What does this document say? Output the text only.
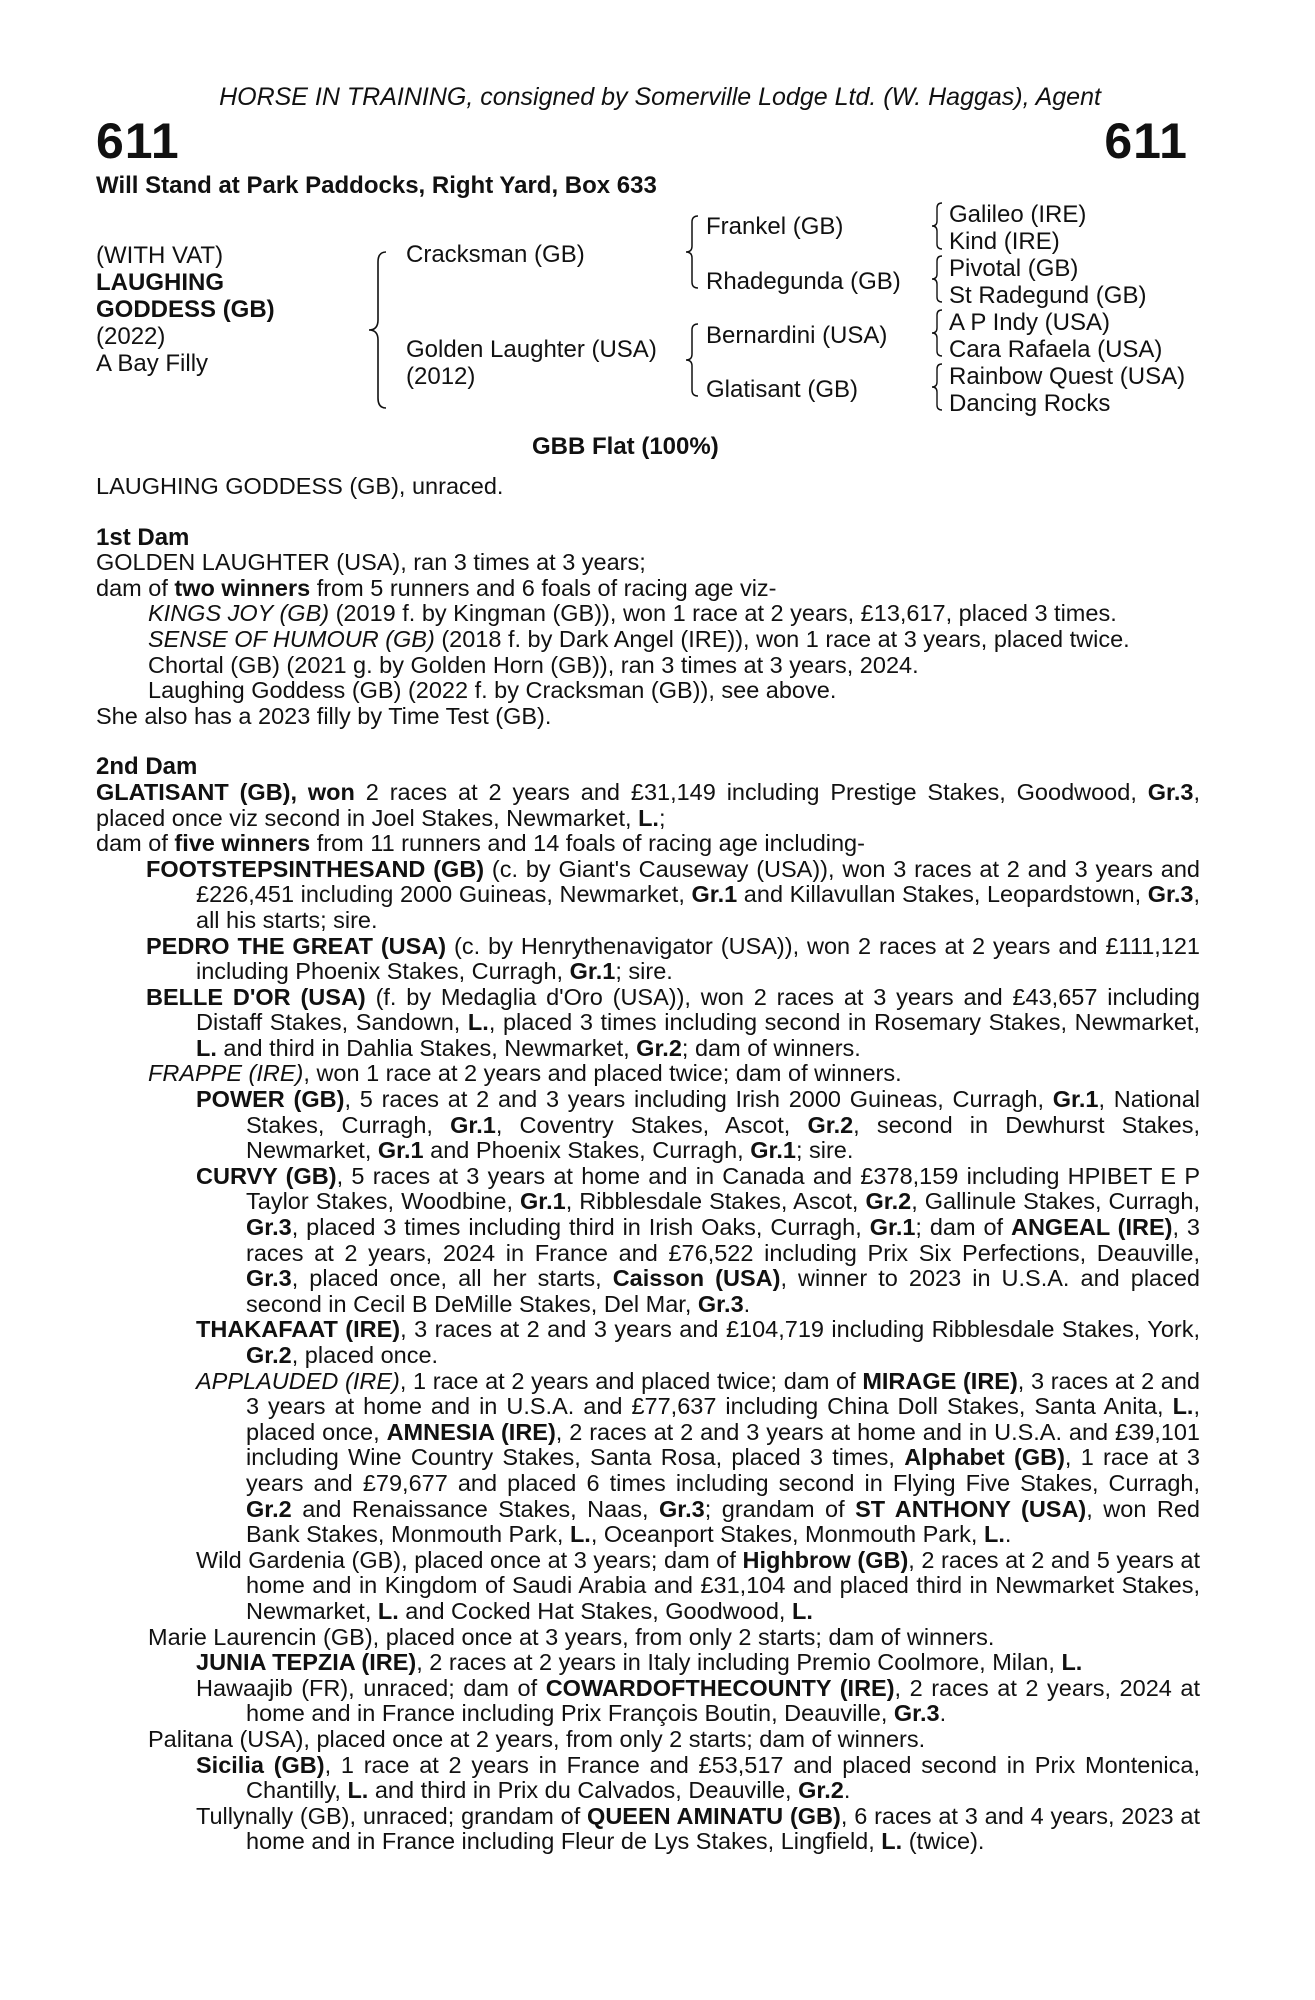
HORSE IN TRAINING, consigned by Somerville Lodge Ltd. (W. Haggas), Agent
611	611
Will Stand at Park Paddocks, Right Yard, Box 633
(WITH VAT)
LAUGHING
GODDESS (GB)
(2022)
A Bay Filly
Cracksman (GB)
Golden Laughter (USA)
(2012)
Frankel (GB)
Rhadegunda (GB)
Bernardini (USA)
Glatisant (GB)
Galileo (IRE)
Kind (IRE)
Pivotal (GB)
St Radegund (GB)
A P Indy (USA)
Cara Rafaela (USA)
Rainbow Quest (USA)
Dancing Rocks
GBB Flat (100%)

LAUGHING GODDESS (GB), unraced.

1st Dam

GOLDEN LAUGHTER (USA), ran 3 times at 3 years;

dam of two winners from 5 runners and 6 foals of racing age viz-

KINGS JOY (GB) (2019 f. by Kingman (GB)), won 1 race at 2 years, £13,617, placed 3 times.

SENSE OF HUMOUR (GB) (2018 f. by Dark Angel (IRE)), won 1 race at 3 years, placed twice.

Chortal (GB) (2021 g. by Golden Horn (GB)), ran 3 times at 3 years, 2024.

Laughing Goddess (GB) (2022 f. by Cracksman (GB)), see above.

She also has a 2023 filly by Time Test (GB).

2nd Dam

GLATISANT (GB), won 2 races at 2 years and £31,149 including Prestige Stakes, Goodwood, Gr.3, placed once viz second in Joel Stakes, Newmarket, L.;

dam of five winners from 11 runners and 14 foals of racing age including-

FOOTSTEPSINTHESAND (GB) (c. by Giant's Causeway (USA)), won 3 races at 2 and 3 years and £226,451 including 2000 Guineas, Newmarket, Gr.1 and Killavullan Stakes, Leopardstown, Gr.3, all his starts; sire.

PEDRO THE GREAT (USA) (c. by Henrythenavigator (USA)), won 2 races at 2 years and £111,121 including Phoenix Stakes, Curragh, Gr.1; sire.

BELLE D'OR (USA) (f. by Medaglia d'Oro (USA)), won 2 races at 3 years and £43,657 including Distaff Stakes, Sandown, L., placed 3 times including second in Rosemary Stakes, Newmarket, L. and third in Dahlia Stakes, Newmarket, Gr.2; dam of winners.

FRAPPE (IRE), won 1 race at 2 years and placed twice; dam of winners.

POWER (GB), 5 races at 2 and 3 years including Irish 2000 Guineas, Curragh, Gr.1, National Stakes, Curragh, Gr.1, Coventry Stakes, Ascot, Gr.2, second in Dewhurst Stakes, Newmarket, Gr.1 and Phoenix Stakes, Curragh, Gr.1; sire.

CURVY (GB), 5 races at 3 years at home and in Canada and £378,159 including HPIBET E P Taylor Stakes, Woodbine, Gr.1, Ribblesdale Stakes, Ascot, Gr.2, Gallinule Stakes, Curragh, Gr.3, placed 3 times including third in Irish Oaks, Curragh, Gr.1; dam of ANGEAL (IRE), 3 races at 2 years, 2024 in France and £76,522 including Prix Six Perfections, Deauville, Gr.3, placed once, all her starts, Caisson (USA), winner to 2023 in U.S.A. and placed second in Cecil B DeMille Stakes, Del Mar, Gr.3.

THAKAFAAT (IRE), 3 races at 2 and 3 years and £104,719 including Ribblesdale Stakes, York, Gr.2, placed once.

APPLAUDED (IRE), 1 race at 2 years and placed twice; dam of MIRAGE (IRE), 3 races at 2 and 3 years at home and in U.S.A. and £77,637 including China Doll Stakes, Santa Anita, L., placed once, AMNESIA (IRE), 2 races at 2 and 3 years at home and in U.S.A. and £39,101 including Wine Country Stakes, Santa Rosa, placed 3 times, Alphabet (GB), 1 race at 3 years and £79,677 and placed 6 times including second in Flying Five Stakes, Curragh, Gr.2 and Renaissance Stakes, Naas, Gr.3; grandam of ST ANTHONY (USA), won Red Bank Stakes, Monmouth Park, L., Oceanport Stakes, Monmouth Park, L..

Wild Gardenia (GB), placed once at 3 years; dam of Highbrow (GB), 2 races at 2 and 5 years at home and in Kingdom of Saudi Arabia and £31,104 and placed third in Newmarket Stakes, Newmarket, L. and Cocked Hat Stakes, Goodwood, L.

Marie Laurencin (GB), placed once at 3 years, from only 2 starts; dam of winners.

JUNIA TEPZIA (IRE), 2 races at 2 years in Italy including Premio Coolmore, Milan, L.

Hawaajib (FR), unraced; dam of COWARDOFTHECOUNTY (IRE), 2 races at 2 years, 2024 at home and in France including Prix François Boutin, Deauville, Gr.3.

Palitana (USA), placed once at 2 years, from only 2 starts; dam of winners.

Sicilia (GB), 1 race at 2 years in France and £53,517 and placed second in Prix Montenica, Chantilly, L. and third in Prix du Calvados, Deauville, Gr.2.

Tullynally (GB), unraced; grandam of QUEEN AMINATU (GB), 6 races at 3 and 4 years, 2023 at home and in France including Fleur de Lys Stakes, Lingfield, L. (twice).
